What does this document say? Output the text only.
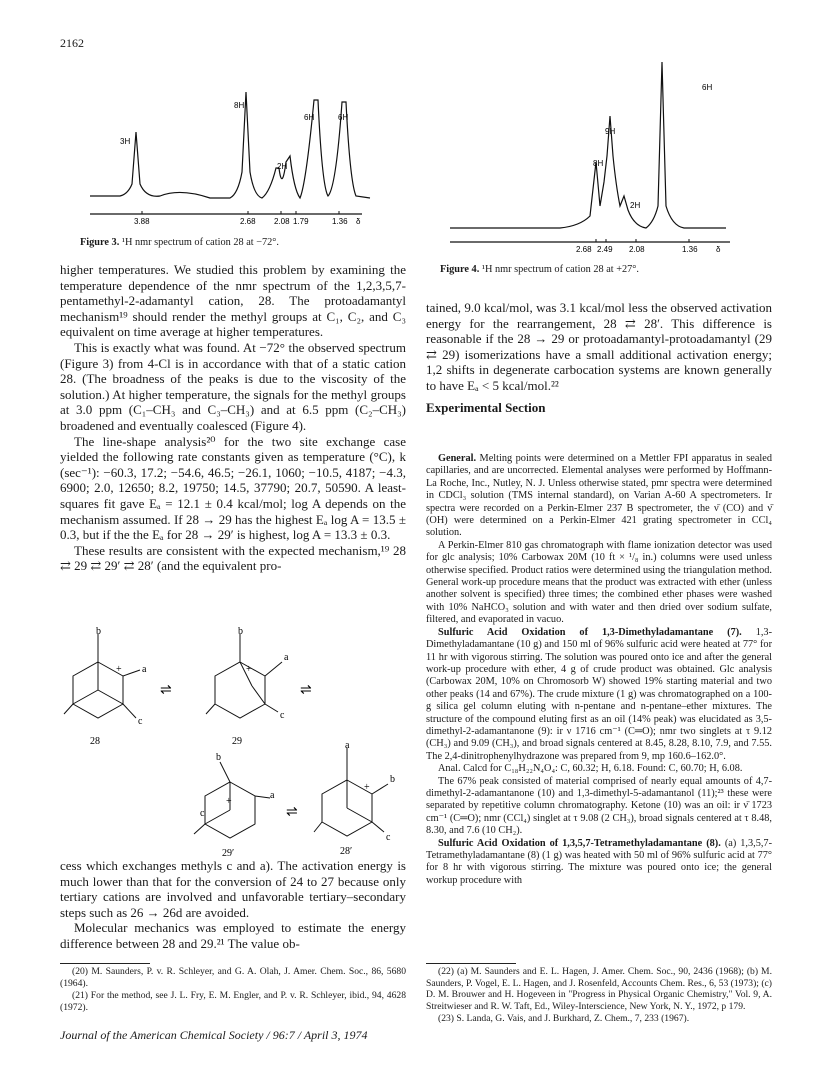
2162
3H
8H
2H
6H	6H
3.88	2.68 2.08 1.79	1.36 δ
Figure 3. ¹H nmr spectrum of cation 28 at −72°.
6H
9H
8H
2H
2.68 2.49 2.08	1.36 δ
Figure 4. ¹H nmr spectrum of cation 28 at +27°.

higher temperatures. We studied this problem by examining the temperature dependence of the nmr spectrum of the 1,2,3,5,7-pentamethyl-2-adamantyl cation, 28. The protoadamantyl mechanism¹⁹ should render the methyl groups at C₁, C₂, and C₃ equivalent on time average at higher temperatures.

This is exactly what was found. At −72° the observed spectrum (Figure 3) from 4-Cl is in accordance with that of a static cation 28. (The broadness of the peaks is due to the viscosity of the solution.) At higher temperature, the signals for the methyl groups at 3.0 ppm (C₁–CH₃ and C₃–CH₃) and at 6.5 ppm (C₂–CH₃) broadened and eventually coalesced (Figure 4).

The line-shape analysis²⁰ for the two site exchange case yielded the following rate constants given as temperature (°C), k (sec⁻¹): −60.3, 17.2; −54.6, 46.5; −26.1, 1060; −10.5, 4187; −4.3, 6900; 2.0, 12650; 8.2, 19750; 14.5, 37790; 20.7, 50590. A least-squares fit gave Eₐ = 12.1 ± 0.4 kcal/mol; log A depends on the mechanism assumed. If 28 → 29 has the highest Eₐ log A = 13.5 ± 0.3, but if the the Eₐ for 28 → 29′ is highest, log A = 13.3 ± 0.3.

These results are consistent with the expected mechanism,¹⁹ 28 ⇄ 29 ⇄ 29′ ⇄ 28′ (and the equivalent pro-

b
+ a
c
28
⇌
b
+
a
c
29
⇌
b
a
+
c
29′
⇌
a
+
b
c
28′

cess which exchanges methyls c and a). The activation energy is much lower than that for the conversion of 24 to 27 because only tertiary cations are involved and unfavorable tertiary–secondary steps such as 26 → 26d are avoided.

Molecular mechanics was employed to estimate the energy difference between 28 and 29.²¹ The value ob-

(20) M. Saunders, P. v. R. Schleyer, and G. A. Olah, J. Amer. Chem. Soc., 86, 5680 (1964).

(21) For the method, see J. L. Fry, E. M. Engler, and P. v. R. Schleyer, ibid., 94, 4628 (1972).

tained, 9.0 kcal/mol, was 3.1 kcal/mol less the observed activation energy for the rearrangement, 28 ⇄ 28′. This difference is reasonable if the 28 → 29 or protoadamantyl-protoadamantyl (29 ⇄ 29) isomerizations have a small additional activation energy; 1,2 shifts in degenerate carbocation systems are known generally to have Eₐ < 5 kcal/mol.²²

Experimental Section

General. Melting points were determined on a Mettler FPI apparatus in sealed capillaries, and are uncorrected. Elemental analyses were performed by Hoffmann-La Roche, Inc., Nutley, N. J. Unless otherwise stated, pmr spectra were determined in CDCl₃ solution (TMS internal standard), on Varian A-60 A spectrometers. Ir spectra were recorded on a Perkin-Elmer 237 B spectrometer, the ν̄ (CO) and ν̄ (OH) were determined on a Perkin-Elmer 421 grating spectrometer in CCl₄ solution.

A Perkin-Elmer 810 gas chromatograph with flame ionization detector was used for glc analysis; 10% Carbowax 20M (10 ft × ¹/₈ in.) columns were used unless otherwise specified. Product ratios were determined using the triangulation method. General work-up procedure means that the product was extracted with ether (unless another solvent is specified) three times; the combined ether phases were washed with 10% NaHCO₃ solution and with water and then dried over sodium sulfate, filtered, and evaporated in vacuo.

Sulfuric Acid Oxidation of 1,3-Dimethyladamantane (7). 1,3-Dimethyladamantane (10 g) and 150 ml of 96% sulfuric acid were heated at 77° for 11 hr with vigorous stirring. The solution was poured onto ice and after the general work-up procedure with ether, 4 g of crude product was obtained. Glc analysis (Carbowax 20M, 10% on Chromosorb W) showed 19% starting material and two other peaks (14 and 67%). The crude mixture (1 g) was chromatographed on a 100-g silica gel column eluting with n-pentane and n-pentane–ether mixtures. The structure of the compound eluting first as an oil (14% peak) was elucidated as 3,5-dimethyl-2-adamantanone (9): ir ν 1716 cm⁻¹ (C═O); nmr two singlets at τ 9.12 (CH₃) and 9.09 (CH₃), and broad signals centered at 8.45, 8.28, 8.10, 7.9, and 7.55. The 2,4-dinitrophenylhydrazone was prepared from 9, mp 160.6–162.0°.

Anal. Calcd for C₁₈H₂₂N₄O₄: C, 60.32; H, 6.18. Found: C, 60.70; H, 6.08.

The 67% peak consisted of material comprised of nearly equal amounts of 4,7-dimethyl-2-adamantanone (10) and 1,3-dimethyl-5-adamantanol (11);²³ these were separated by repetitive column chromatography. Ketone (10) was an oil: ir ν̄ 1723 cm⁻¹ (C═O); nmr (CCl₄) singlet at τ 9.08 (2 CH₃), broad signals centered at τ 8.48, 8.30, and 7.6 (10 CH₂).

Sulfuric Acid Oxidation of 1,3,5,7-Tetramethyladamantane (8). (a) 1,3,5,7-Tetramethyladamantane (8) (1 g) was heated with 50 ml of 96% sulfuric acid at 77° for 8 hr with vigorous stirring. The mixture was poured onto ice; the general workup procedure with

(22) (a) M. Saunders and E. L. Hagen, J. Amer. Chem. Soc., 90, 2436 (1968); (b) M. Saunders, P. Vogel, E. L. Hagen, and J. Rosenfeld, Accounts Chem. Res., 6, 53 (1973); (c) D. M. Brouwer and H. Hogeveen in "Progress in Physical Organic Chemistry," Vol. 9, A. Streitwieser and R. W. Taft, Ed., Wiley-Interscience, New York, N. Y., 1972, p 179.

(23) S. Landa, G. Vais, and J. Burkhard, Z. Chem., 7, 233 (1967).

Journal of the American Chemical Society / 96:7 / April 3, 1974
